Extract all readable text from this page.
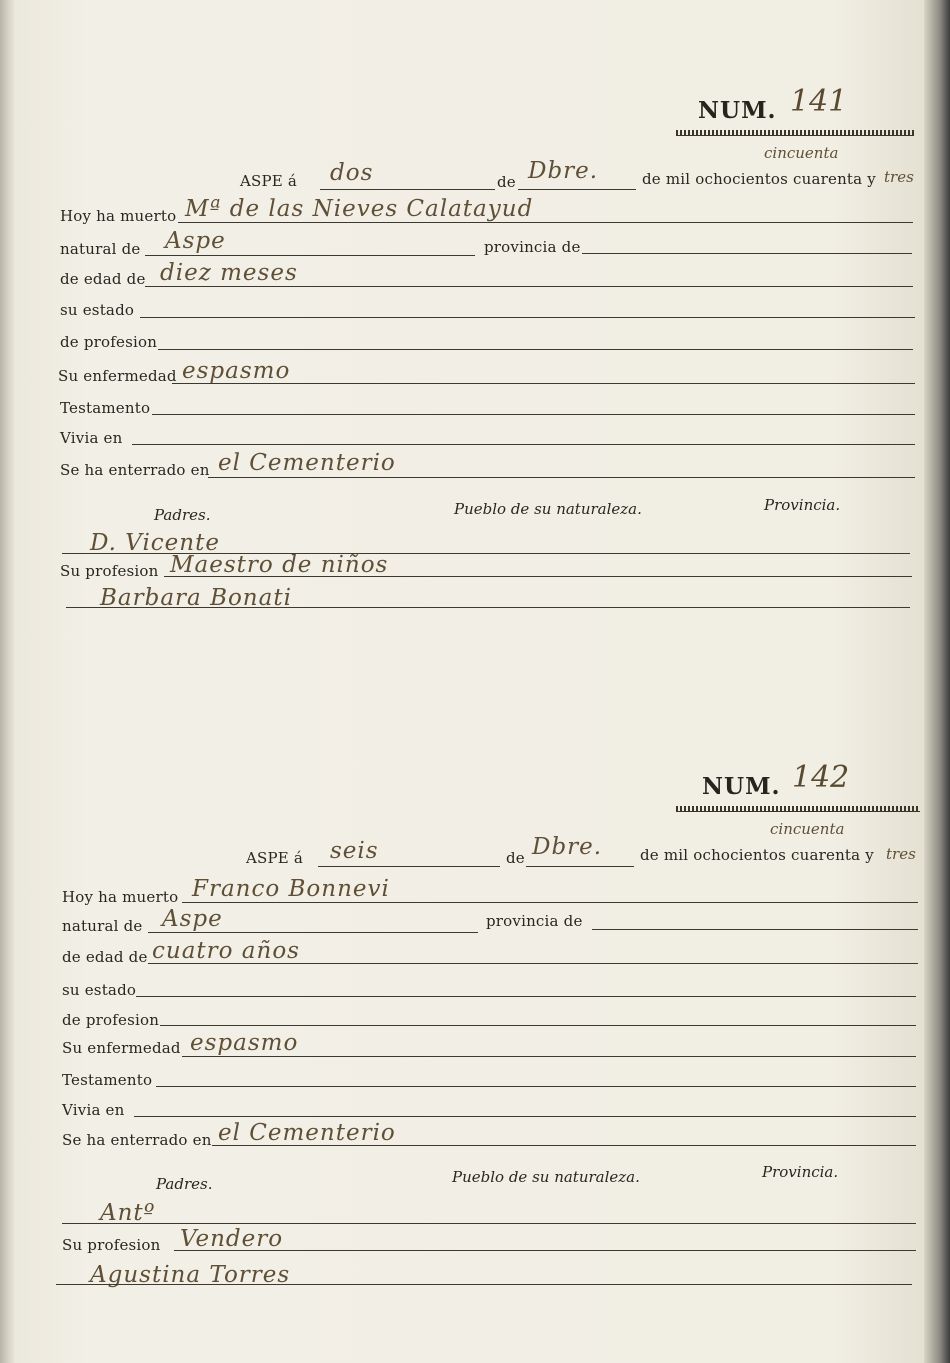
NUM. 141
cincuenta
ASPE á dos	de Dbre.	de mil ochocientos cuarenta y tres
Hoy ha muerto Mª de las Nieves Calatayud
natural de Aspe	provincia de
de edad de diez meses
su estado
de profesion
Su enfermedad espasmo
Testamento
Vivia en
Se ha enterrado en el Cementerio
Padres.	Pueblo de su naturaleza.	Provincia.
D. Vicente
Su profesion Maestro de niños
Barbara Bonati
NUM. 142
cincuenta
ASPE á seis	de Dbre.	de mil ochocientos cuarenta y tres
Hoy ha muerto Franco Bonnevi
natural de Aspe	provincia de
de edad de cuatro años
su estado
de profesion
Su enfermedad espasmo
Testamento
Vivia en
Se ha enterrado en el Cementerio
Padres.	Pueblo de su naturaleza.	Provincia.
Antº
Su profesion Vendero
Agustina Torres
